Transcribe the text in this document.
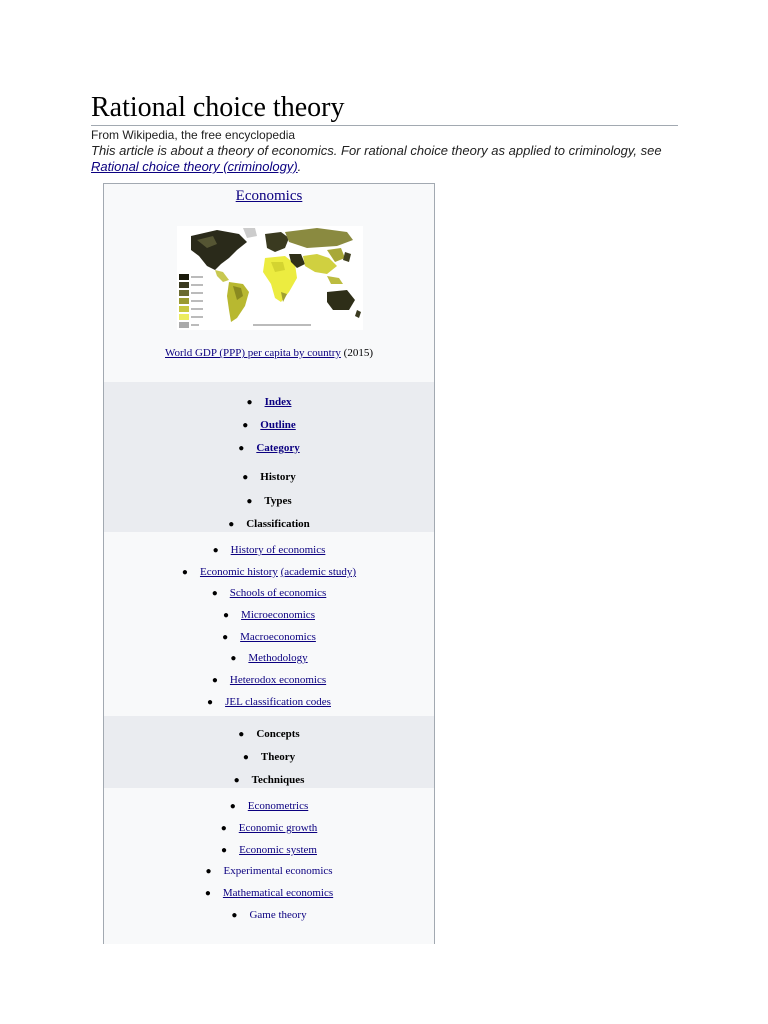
Rational choice theory
From Wikipedia, the free encyclopedia
This article is about a theory of economics. For rational choice theory as applied to criminology, see Rational choice theory (criminology).
Economics
World GDP (PPP) per capita by country (2015)
● Index
● Outline
● Category
● History
● Types
● Classification
● History of economics
● Economic history (academic study)
● Schools of economics
● Microeconomics
● Macroeconomics
● Methodology
● Heterodox economics
● JEL classification codes
● Concepts
● Theory
● Techniques
● Econometrics
● Economic growth
● Economic system
● Experimental economics
● Mathematical economics
● Game theory
